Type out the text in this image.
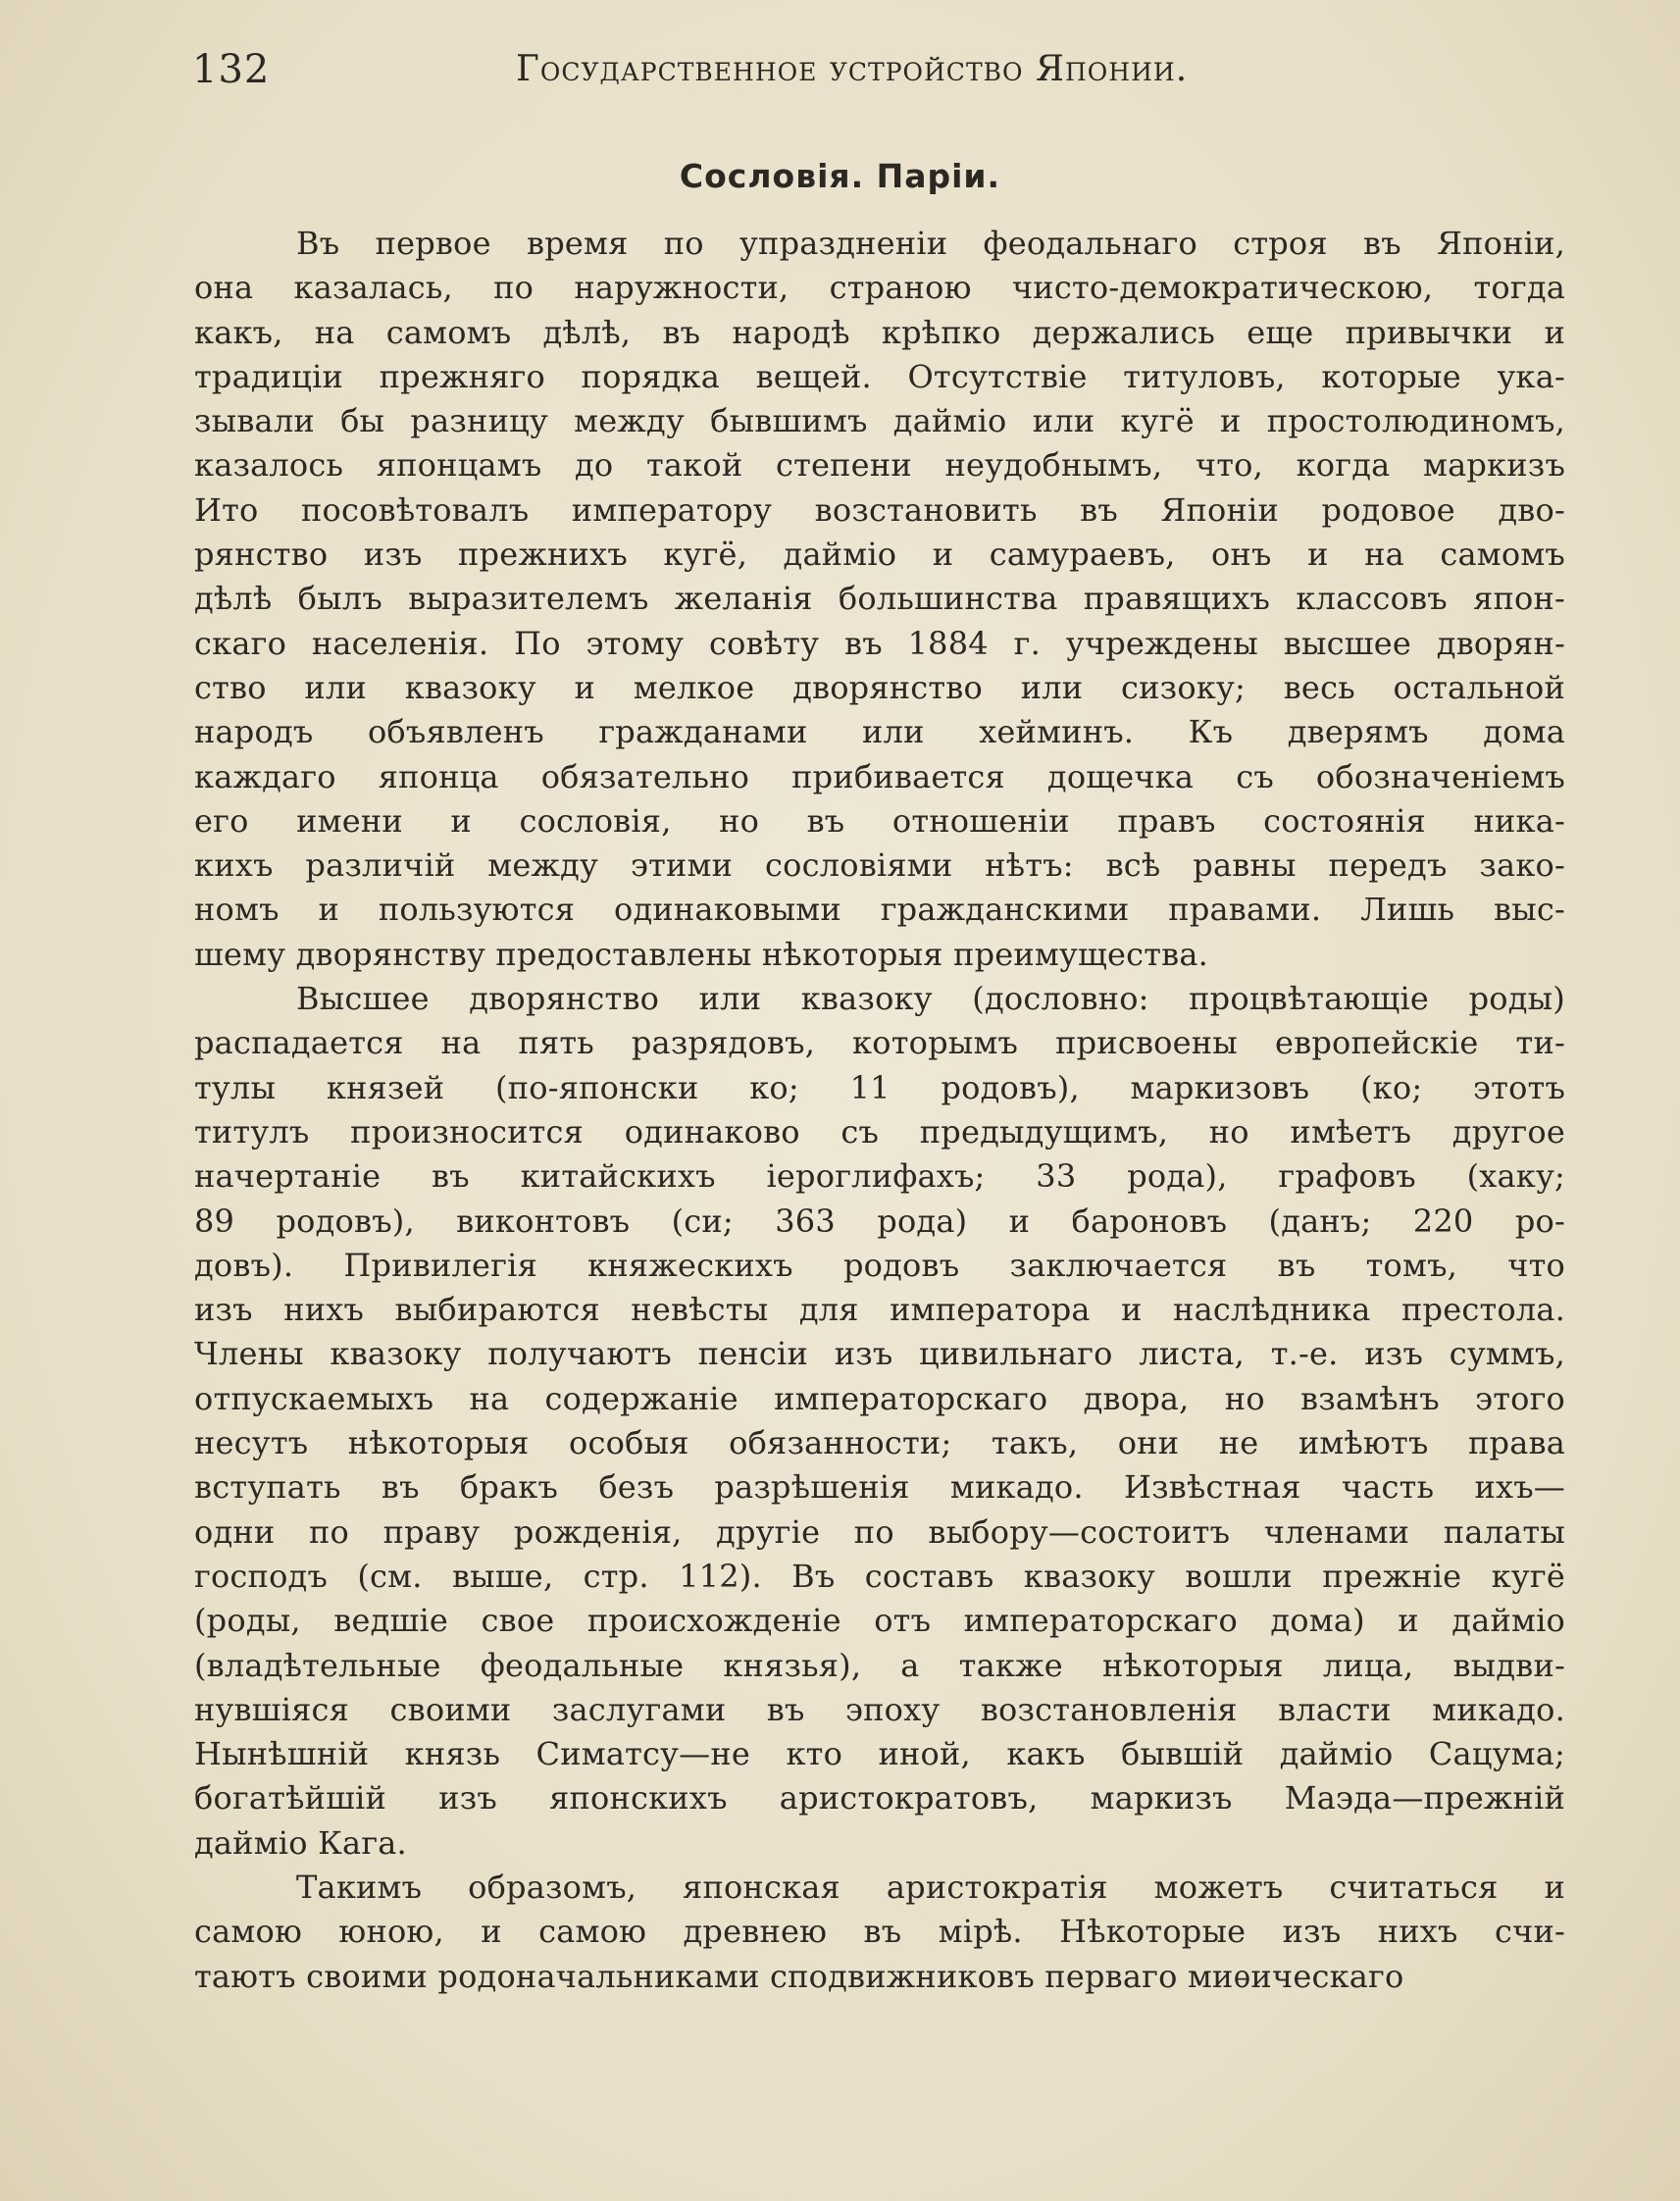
132	Государственное устройство Японии.
Сословія. Паріи.
Въ первое время по упраздненіи феодальнаго строя въ Японіи,
она казалась, по наружности, страною чисто-демократическою, тогда
какъ, на самомъ дѣлѣ, въ народѣ крѣпко держались еще привычки и
традиціи прежняго порядка вещей. Отсутствіе титуловъ, которые ука-
зывали бы разницу между бывшимъ дайміо или кугё и простолюдиномъ,
казалось японцамъ до такой степени неудобнымъ, что, когда маркизъ
Ито посовѣтовалъ императору возстановить въ Японіи родовое дво-
рянство изъ прежнихъ кугё, дайміо и самураевъ, онъ и на самомъ
дѣлѣ былъ выразителемъ желанія большинства правящихъ классовъ япон-
скаго населенія. По этому совѣту въ 1884 г. учреждены высшее дворян-
ство или квазоку и мелкое дворянство или сизоку; весь остальной
народъ объявленъ гражданами или хейминъ. Къ дверямъ дома
каждаго японца обязательно прибивается дощечка съ обозначеніемъ
его имени и сословія, но въ отношеніи правъ состоянія ника-
кихъ различій между этими сословіями нѣтъ: всѣ равны передъ зако-
номъ и пользуются одинаковыми гражданскими правами. Лишь выс-
шему дворянству предоставлены нѣкоторыя преимущества.
Высшее дворянство или квазоку (дословно: процвѣтающіе роды)
распадается на пять разрядовъ, которымъ присвоены европейскіе ти-
тулы князей (по-японски ко; 11 родовъ), маркизовъ (ко; этотъ
титулъ произносится одинаково съ предыдущимъ, но имѣетъ другое
начертаніе въ китайскихъ іероглифахъ; 33 рода), графовъ (хаку;
89 родовъ), виконтовъ (си; 363 рода) и бароновъ (данъ; 220 ро-
довъ). Привилегія княжескихъ родовъ заключается въ томъ, что
изъ нихъ выбираются невѣсты для императора и наслѣдника престола.
Члены квазоку получаютъ пенсіи изъ цивильнаго листа, т.-е. изъ суммъ,
отпускаемыхъ на содержаніе императорскаго двора, но взамѣнъ этого
несутъ нѣкоторыя особыя обязанности; такъ, они не имѣютъ права
вступать въ бракъ безъ разрѣшенія микадо. Извѣстная часть ихъ—
одни по праву рожденія, другіе по выбору—состоитъ членами палаты
господъ (см. выше, стр. 112). Въ составъ квазоку вошли прежніе кугё
(роды, ведшіе свое происхожденіе отъ императорскаго дома) и дайміо
(владѣтельные феодальные князья), а также нѣкоторыя лица, выдви-
нувшіяся своими заслугами въ эпоху возстановленія власти микадо.
Нынѣшній князь Симатсу—не кто иной, какъ бывшій дайміо Сацума;
богатѣйшій изъ японскихъ аристократовъ, маркизъ Маэда—прежній
дайміо Кага.
Такимъ образомъ, японская аристократія можетъ считаться и
самою юною, и самою древнею въ мірѣ. Нѣкоторые изъ нихъ счи-
таютъ своими родоначальниками сподвижниковъ перваго миѳическаго
